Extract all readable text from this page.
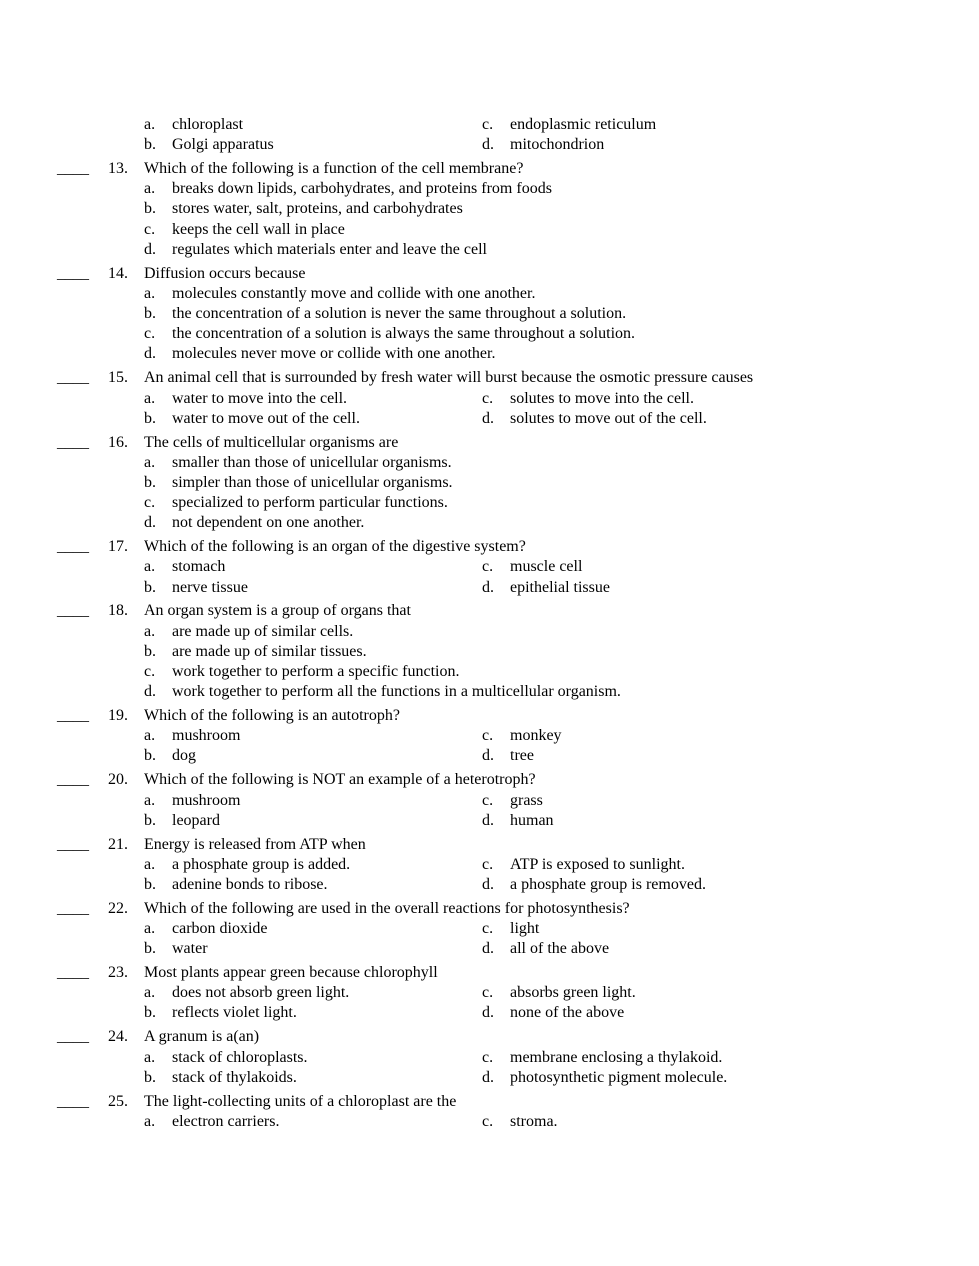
a. chloroplast	c. endoplasmic reticulum
b. Golgi apparatus	d. mitochondrion
____ 13. Which of the following is a function of the cell membrane?
a. breaks down lipids, carbohydrates, and proteins from foods
b. stores water, salt, proteins, and carbohydrates
c. keeps the cell wall in place
d. regulates which materials enter and leave the cell
____ 14. Diffusion occurs because
a. molecules constantly move and collide with one another.
b. the concentration of a solution is never the same throughout a solution.
c. the concentration of a solution is always the same throughout a solution.
d. molecules never move or collide with one another.
____ 15. An animal cell that is surrounded by fresh water will burst because the osmotic pressure causes
a. water to move into the cell.	c. solutes to move into the cell.
b. water to move out of the cell.	d. solutes to move out of the cell.
____ 16. The cells of multicellular organisms are
a. smaller than those of unicellular organisms.
b. simpler than those of unicellular organisms.
c. specialized to perform particular functions.
d. not dependent on one another.
____ 17. Which of the following is an organ of the digestive system?
a. stomach	c. muscle cell
b. nerve tissue	d. epithelial tissue
____ 18. An organ system is a group of organs that
a. are made up of similar cells.
b. are made up of similar tissues.
c. work together to perform a specific function.
d. work together to perform all the functions in a multicellular organism.
____ 19. Which of the following is an autotroph?
a. mushroom	c. monkey
b. dog	d. tree
____ 20. Which of the following is NOT an example of a heterotroph?
a. mushroom	c. grass
b. leopard	d. human
____ 21. Energy is released from ATP when
a. a phosphate group is added.	c. ATP is exposed to sunlight.
b. adenine bonds to ribose.	d. a phosphate group is removed.
____ 22. Which of the following are used in the overall reactions for photosynthesis?
a. carbon dioxide	c. light
b. water	d. all of the above
____ 23. Most plants appear green because chlorophyll
a. does not absorb green light.	c. absorbs green light.
b. reflects violet light.	d. none of the above
____ 24. A granum is a(an)
a. stack of chloroplasts.	c. membrane enclosing a thylakoid.
b. stack of thylakoids.	d. photosynthetic pigment molecule.
____ 25. The light-collecting units of a chloroplast are the
a. electron carriers.	c. stroma.
